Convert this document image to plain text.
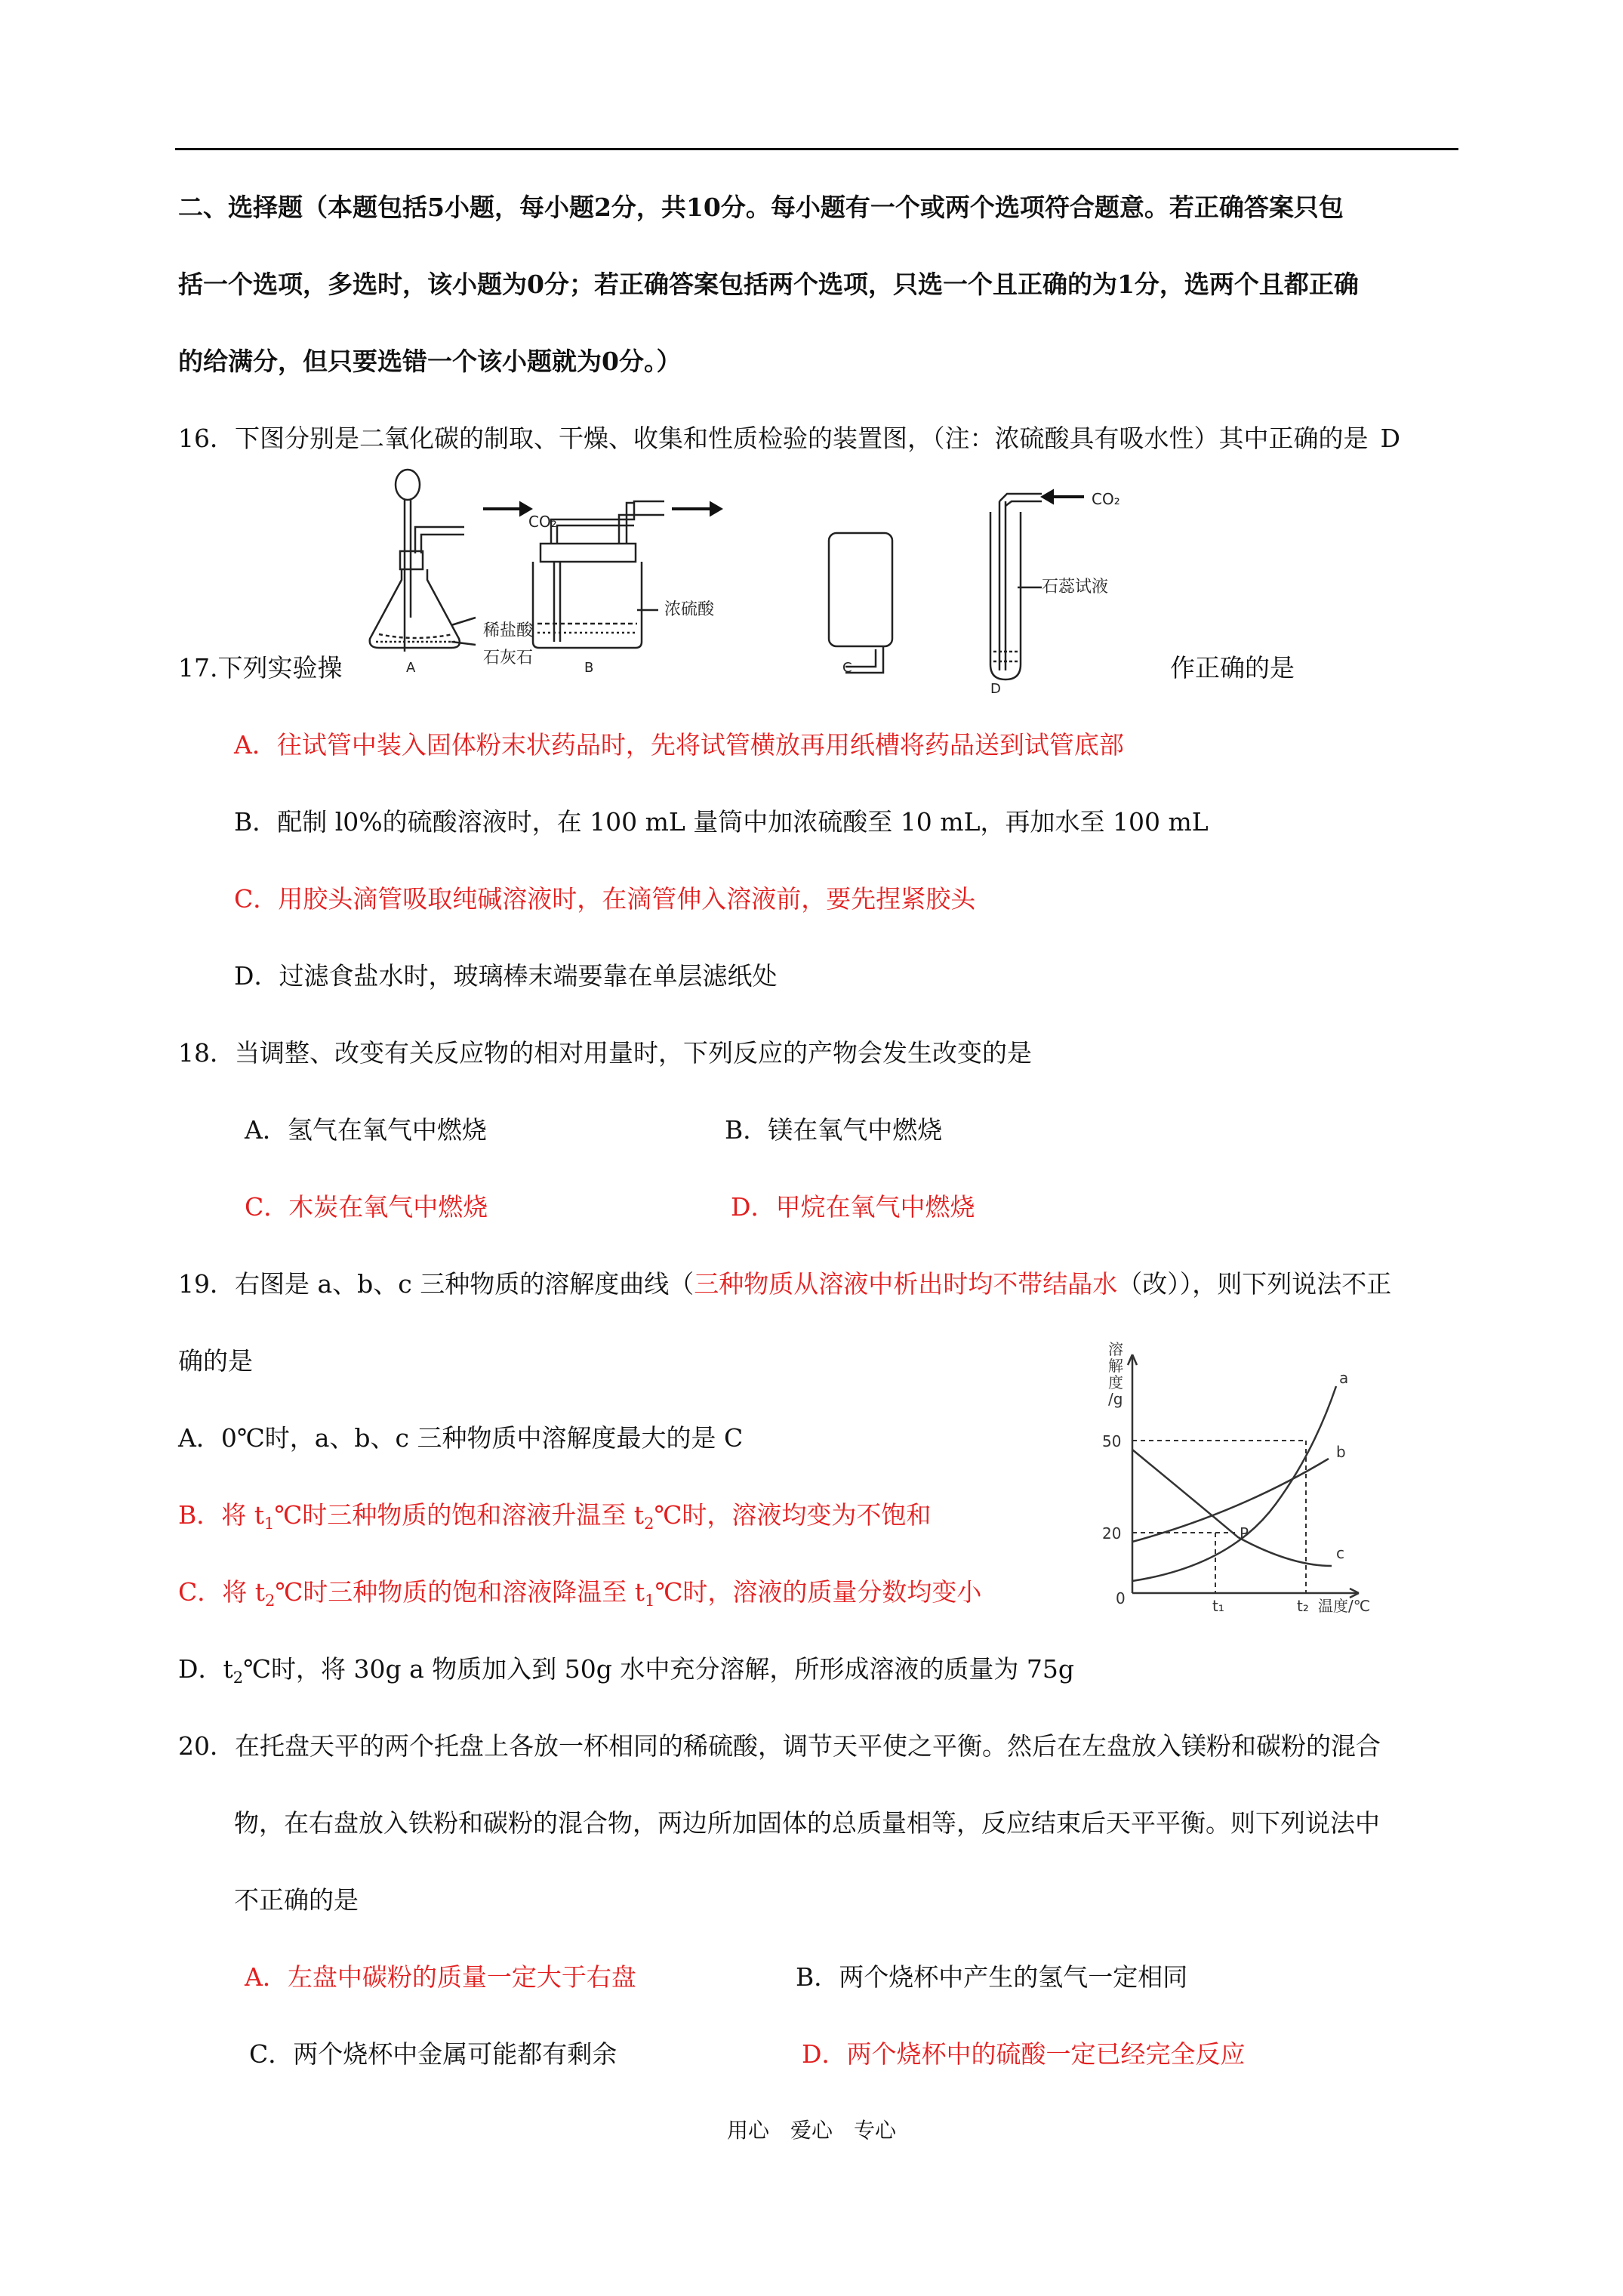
二、选择题（本题包括5小题，每小题2分，共10分。每小题有一个或两个选项符合题意。若正确答案只包
括一个选项，多选时，该小题为0分；若正确答案包括两个选项，只选一个且正确的为1分，选两个且都正确
的给满分，但只要选错一个该小题就为0分。）
16．下图分别是二氧化碳的制取、干燥、收集和性质检验的装置图，（注：浓硫酸具有吸水性）其中正确的是 D
稀盐酸
石灰石
CO₂
浓硫酸
CO₂
石蕊试液
A	B	C
D
17.下列实验操	作正确的是
A．往试管中装入固体粉末状药品时，先将试管横放再用纸槽将药品送到试管底部
B．配制 l0%的硫酸溶液时，在 100 mL 量筒中加浓硫酸至 10 mL，再加水至 100 mL
C．用胶头滴管吸取纯碱溶液时，在滴管伸入溶液前，要先捏紧胶头
D．过滤食盐水时，玻璃棒末端要靠在单层滤纸处
18．当调整、改变有关反应物的相对用量时，下列反应的产物会发生改变的是
A．氢气在氧气中燃烧	B．镁在氧气中燃烧
C．木炭在氧气中燃烧	D．甲烷在氧气中燃烧
19．右图是 a、b、c 三种物质的溶解度曲线（三种物质从溶液中析出时均不带结晶水（改）），则下列说法不正
确的是
A．0℃时，a、b、c 三种物质中溶解度最大的是 C
B．将 $t_1℃$时三种物质的饱和溶液升温至 $t_2℃$时，溶液均变为不饱和
C．将 $t_2℃$时三种物质的饱和溶液降温至 $t_1℃$时，溶液的质量分数均变小
D．$t_2℃$时，将 30g a 物质加入到 50g 水中充分溶解，所形成溶液的质量为 75g
溶
解
度
/g
50
20
0	t₁	t₂ 温度/℃
a
b
c
P
20．在托盘天平的两个托盘上各放一杯相同的稀硫酸，调节天平使之平衡。然后在左盘放入镁粉和碳粉的混合
物，在右盘放入铁粉和碳粉的混合物，两边所加固体的总质量相等，反应结束后天平平衡。则下列说法中
不正确的是
A．左盘中碳粉的质量一定大于右盘	B．两个烧杯中产生的氢气一定相同
C．两个烧杯中金属可能都有剩余	D．两个烧杯中的硫酸一定已经完全反应
用心 爱心 专心
